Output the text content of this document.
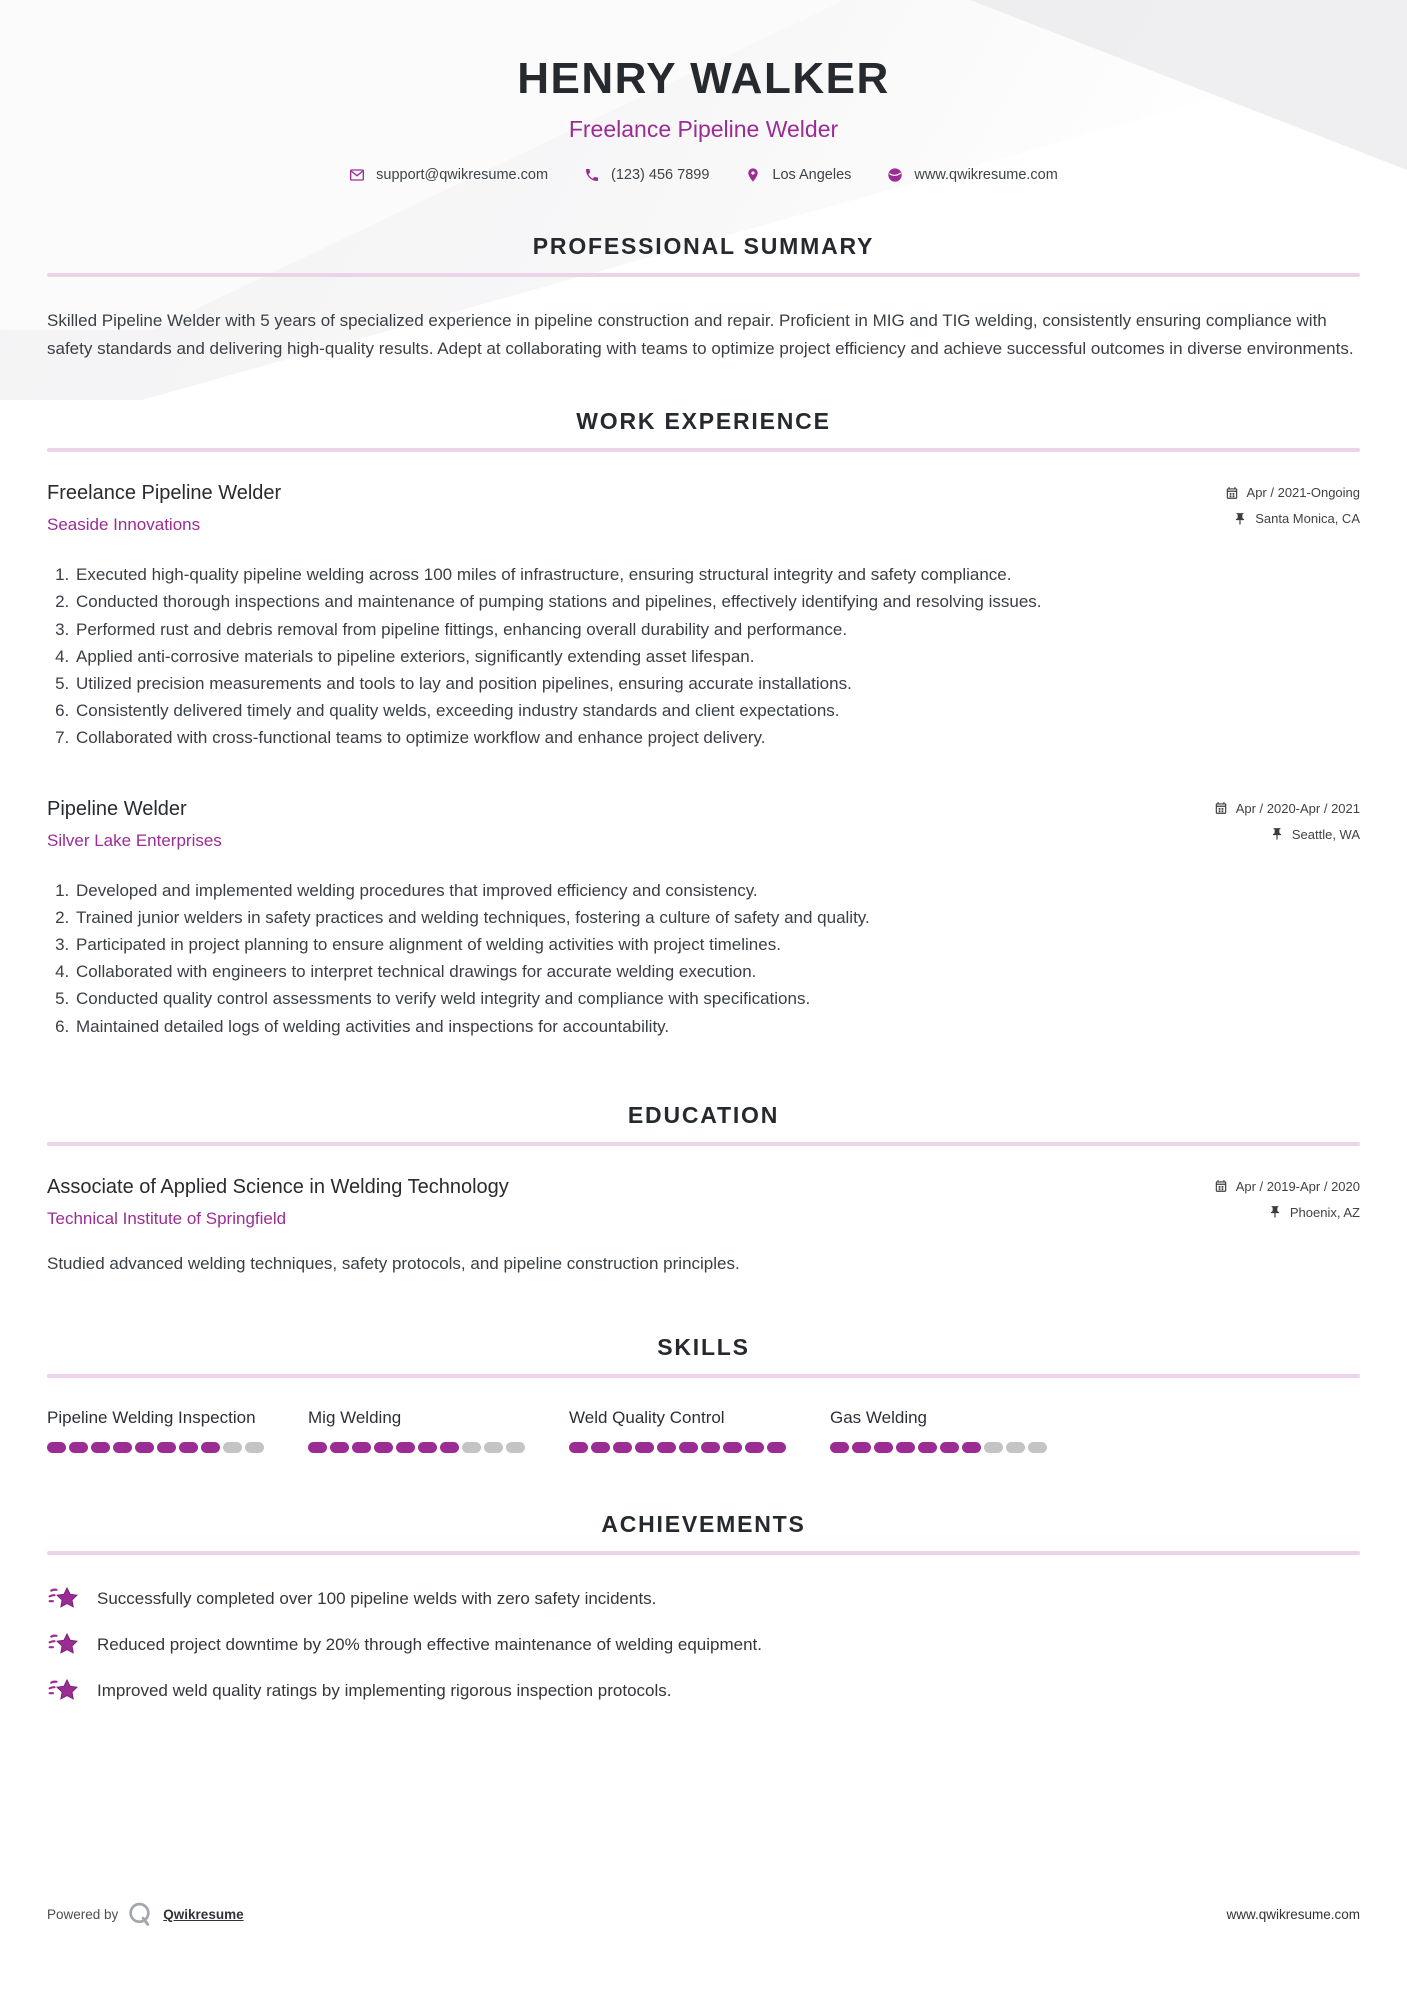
HENRY WALKER
Freelance Pipeline Welder
support@qwikresume.com	(123) 456 7899	Los Angeles	www.qwikresume.com
PROFESSIONAL SUMMARY

Skilled Pipeline Welder with 5 years of specialized experience in pipeline construction and repair. Proficient in MIG and TIG welding, consistently ensuring compliance with safety standards and delivering high-quality results. Adept at collaborating with teams to optimize project efficiency and achieve successful outcomes in diverse environments.

WORK EXPERIENCE
Freelance Pipeline Welder
Seaside Innovations
Apr / 2021-Ongoing
Santa Monica, CA
1. Executed high-quality pipeline welding across 100 miles of infrastructure, ensuring structural integrity and safety compliance.
2. Conducted thorough inspections and maintenance of pumping stations and pipelines, effectively identifying and resolving issues.
3. Performed rust and debris removal from pipeline fittings, enhancing overall durability and performance.
4. Applied anti-corrosive materials to pipeline exteriors, significantly extending asset lifespan.
5. Utilized precision measurements and tools to lay and position pipelines, ensuring accurate installations.
6. Consistently delivered timely and quality welds, exceeding industry standards and client expectations.
7. Collaborated with cross-functional teams to optimize workflow and enhance project delivery.
Pipeline Welder
Silver Lake Enterprises
Apr / 2020-Apr / 2021
Seattle, WA
1. Developed and implemented welding procedures that improved efficiency and consistency.
2. Trained junior welders in safety practices and welding techniques, fostering a culture of safety and quality.
3. Participated in project planning to ensure alignment of welding activities with project timelines.
4. Collaborated with engineers to interpret technical drawings for accurate welding execution.
5. Conducted quality control assessments to verify weld integrity and compliance with specifications.
6. Maintained detailed logs of welding activities and inspections for accountability.
EDUCATION
Associate of Applied Science in Welding Technology
Technical Institute of Springfield
Apr / 2019-Apr / 2020
Phoenix, AZ

Studied advanced welding techniques, safety protocols, and pipeline construction principles.

SKILLS
Pipeline Welding Inspection	Mig Welding	Weld Quality Control	Gas Welding
ACHIEVEMENTS
Successfully completed over 100 pipeline welds with zero safety incidents.
Reduced project downtime by 20% through effective maintenance of welding equipment.
Improved weld quality ratings by implementing rigorous inspection protocols.
Powered by	Qwikresume	www.qwikresume.com
